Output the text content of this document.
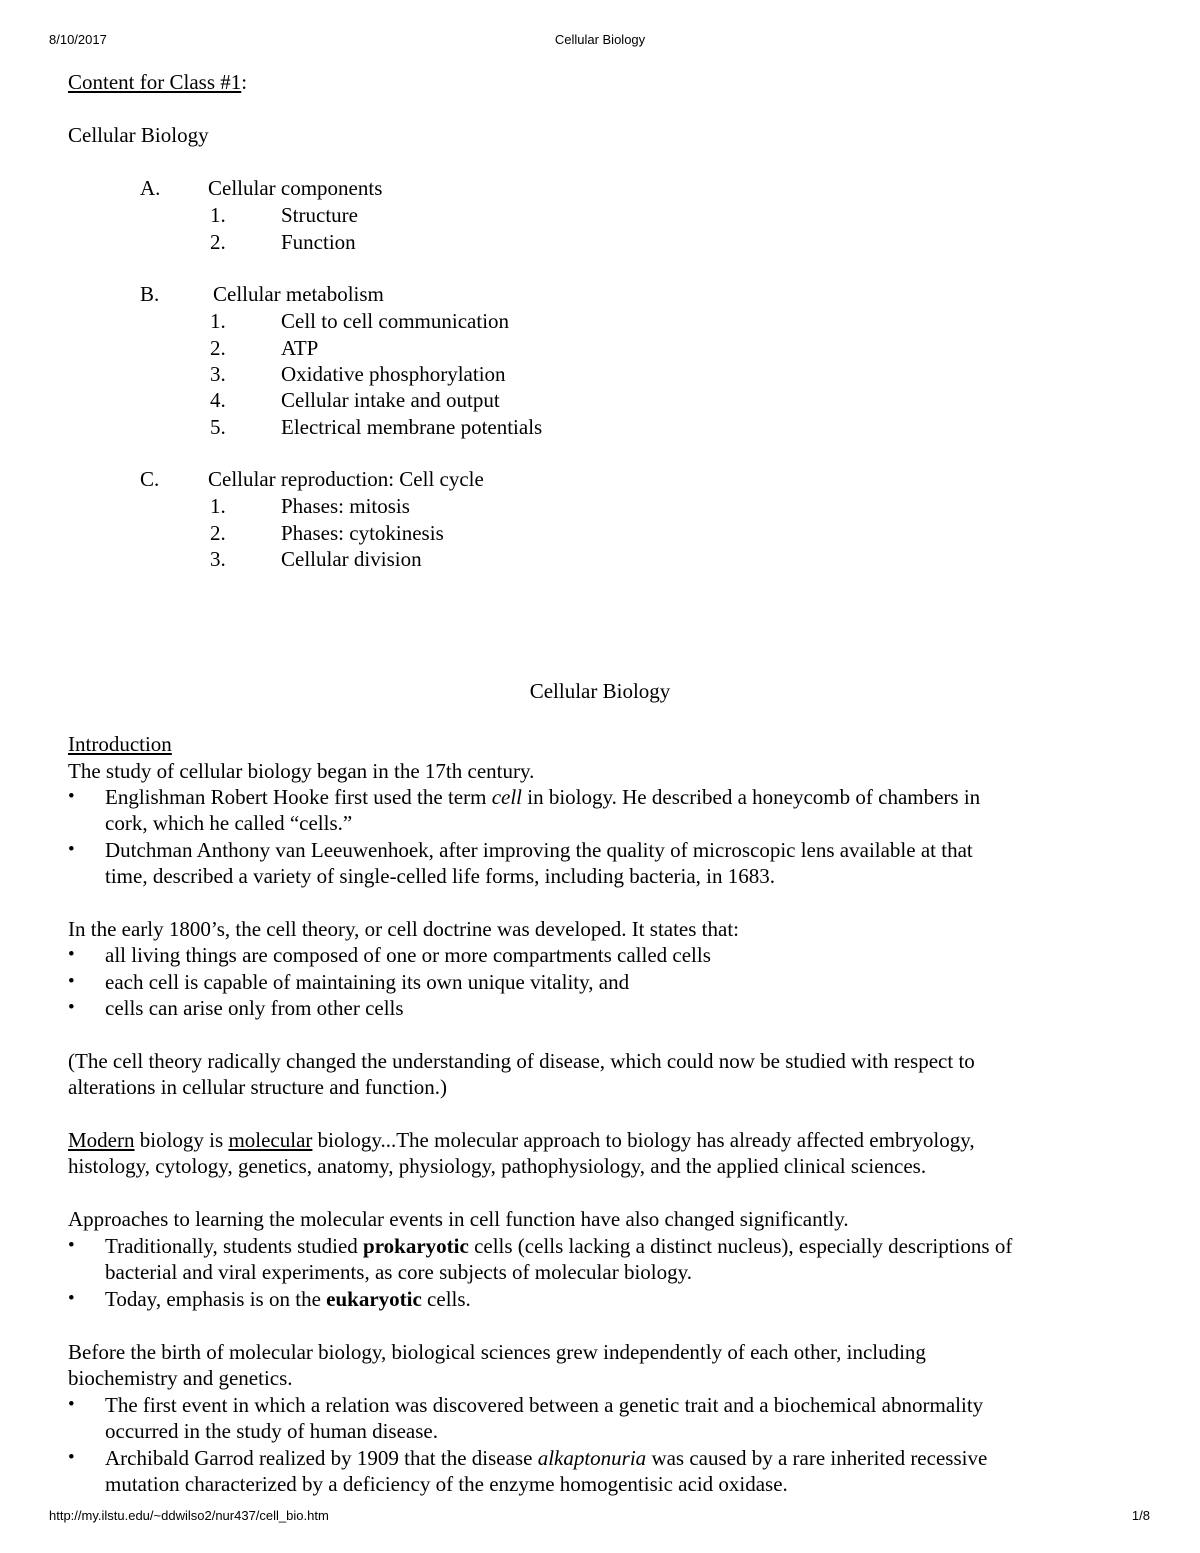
8/10/2017	Cellular Biology
Content for Class #1:
Cellular Biology
A. Cellular components
1.	Structure
2.	Function
B.	Cellular metabolism
1.	Cell to cell communication
2.	ATP
3.	Oxidative phosphorylation
4.	Cellular intake and output
5.	Electrical membrane potentials
C. Cellular reproduction: Cell cycle
1.	Phases: mitosis
2.	Phases: cytokinesis
3.	Cellular division
Cellular Biology
Introduction
The study of cellular biology began in the 17th century.
• Englishman Robert Hooke first used the term cell in biology. He described a honeycomb of chambers in
cork, which he called “cells.”
• Dutchman Anthony van Leeuwenhoek, after improving the quality of microscopic lens available at that
time, described a variety of single-celled life forms, including bacteria, in 1683.
In the early 1800’s, the cell theory, or cell doctrine was developed. It states that:
• all living things are composed of one or more compartments called cells
• each cell is capable of maintaining its own unique vitality, and
• cells can arise only from other cells
(The cell theory radically changed the understanding of disease, which could now be studied with respect to
alterations in cellular structure and function.)
Modern biology is molecular biology...The molecular approach to biology has already affected embryology,
histology, cytology, genetics, anatomy, physiology, pathophysiology, and the applied clinical sciences.
Approaches to learning the molecular events in cell function have also changed significantly.
• Traditionally, students studied prokaryotic cells (cells lacking a distinct nucleus), especially descriptions of
bacterial and viral experiments, as core subjects of molecular biology.
• Today, emphasis is on the eukaryotic cells.
Before the birth of molecular biology, biological sciences grew independently of each other, including
biochemistry and genetics.
• The first event in which a relation was discovered between a genetic trait and a biochemical abnormality
occurred in the study of human disease.
• Archibald Garrod realized by 1909 that the disease alkaptonuria was caused by a rare inherited recessive
mutation characterized by a deficiency of the enzyme homogentisic acid oxidase.
http://my.ilstu.edu/~ddwilso2/nur437/cell_bio.htm	1/8
